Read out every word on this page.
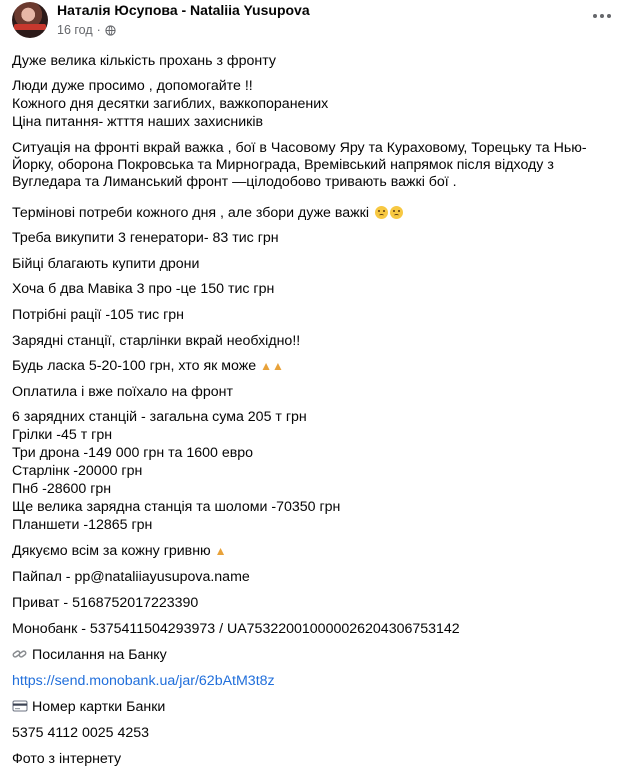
Наталія Юсупова - Nataliia Yusupova
16 год ·

Дуже велика кількість прохань з фронту

Люди дуже просимо , допомогайте !!

Кожного дня десятки загиблих, важкопоранених

Ціна питання- жтття наших захисників

Ситуація на фронті вкрай важка , бої в Часовому Яру та Кураховому, Торецьку та Нью-Йорку, оборона Покровська та Мирнограда, Времівський напрямок після відходу з Вугледара та Лиманський фронт —цілодобово тривають важкі бої .

Термінові потреби кожного дня , але збори дуже важкі

Треба викупити 3 генератори- 83 тис грн

Бійці благають купити дрони

Хоча б два Мавіка 3 про -це 150 тис грн

Потрібні рації -105 тис грн

Зарядні станції, старлінки вкрай необхідно!!

Будь ласка 5-20-100 грн, хто як може ▲▲

Оплатила і вже поїхало на фронт

6 зарядних станцій - загальна сума 205 т грн

Грілки -45 т грн

Три дрона -149 000 грн та 1600 евро

Старлінк -20000 грн

Пнб -28600 грн

Ще велика зарядна станція та шоломи -70350 грн

Планшети -12865 грн

Дякуємо всім за кожну гривню ▲

Пайпал - pp@nataliiayusupova.name

Приват - 5168752017223390

Монобанк - 5375411504293973 / UA753220010000026204306753142

Посилання на Банку

https://send.monobank.ua/jar/62bAtM3t8z

Номер картки Банки

5375 4112 0025 4253

Фото з інтернету
